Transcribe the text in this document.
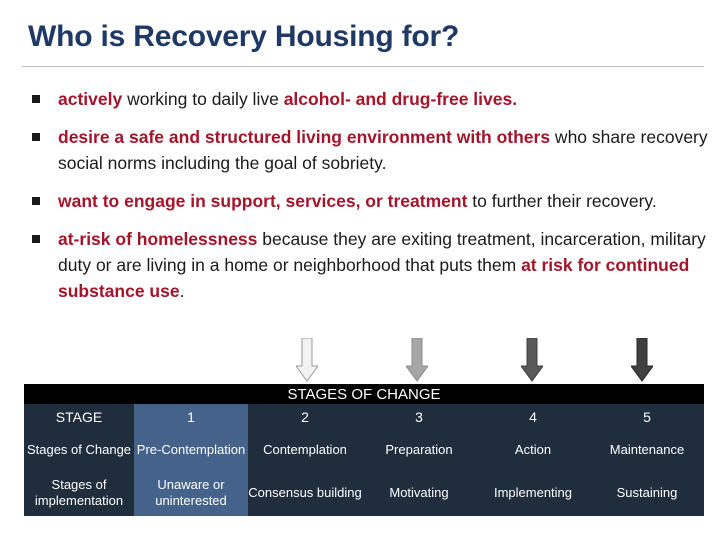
Who is Recovery Housing for?
actively working to daily live alcohol- and drug-free lives.
desire a safe and structured living environment with others who share recovery social norms including the goal of sobriety.
want to engage in support, services, or treatment to further their recovery.
at-risk of homelessness because they are exiting treatment, incarceration, military duty or are living in a home or neighborhood that puts them at risk for continued substance use.
STAGES OF CHANGE
STAGE	1	2	3	4	5
Stages of Change	Pre-Contemplation	Contemplation	Preparation	Action	Maintenance
Stages of implementation	Unaware or uninterested	Consensus building	Motivating	Implementing	Sustaining
